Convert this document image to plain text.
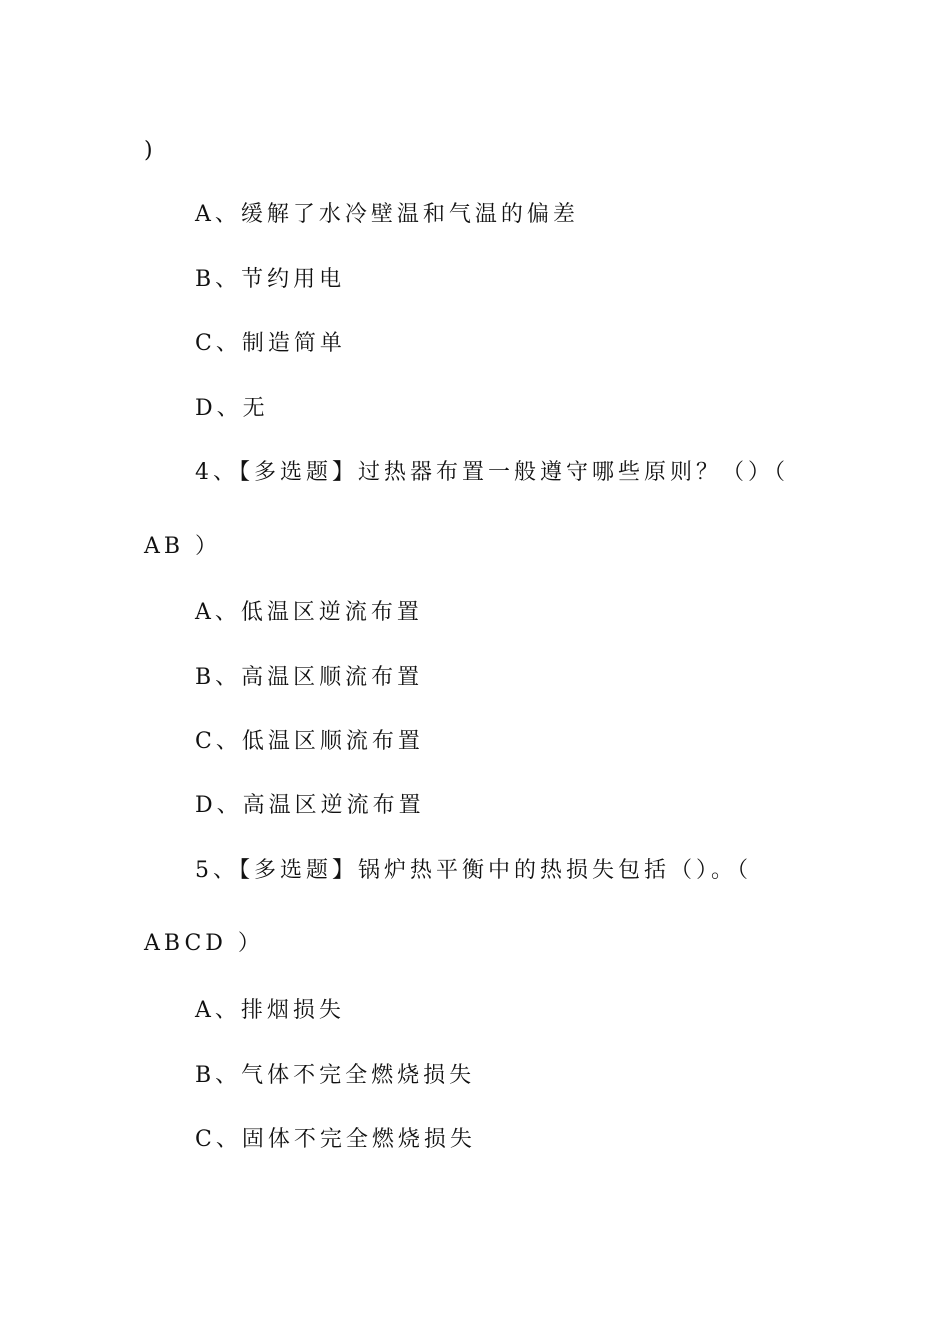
)
A、缓解了水冷壁温和气温的偏差
B、节约用电
C、制造简单
D、无
4、【多选题】过热器布置一般遵守哪些原则？（）（
AB ）
A、低温区逆流布置
B、高温区顺流布置
C、低温区顺流布置
D、高温区逆流布置
5、【多选题】锅炉热平衡中的热损失包括（）。（
ABCD ）
A、排烟损失
B、气体不完全燃烧损失
C、固体不完全燃烧损失
